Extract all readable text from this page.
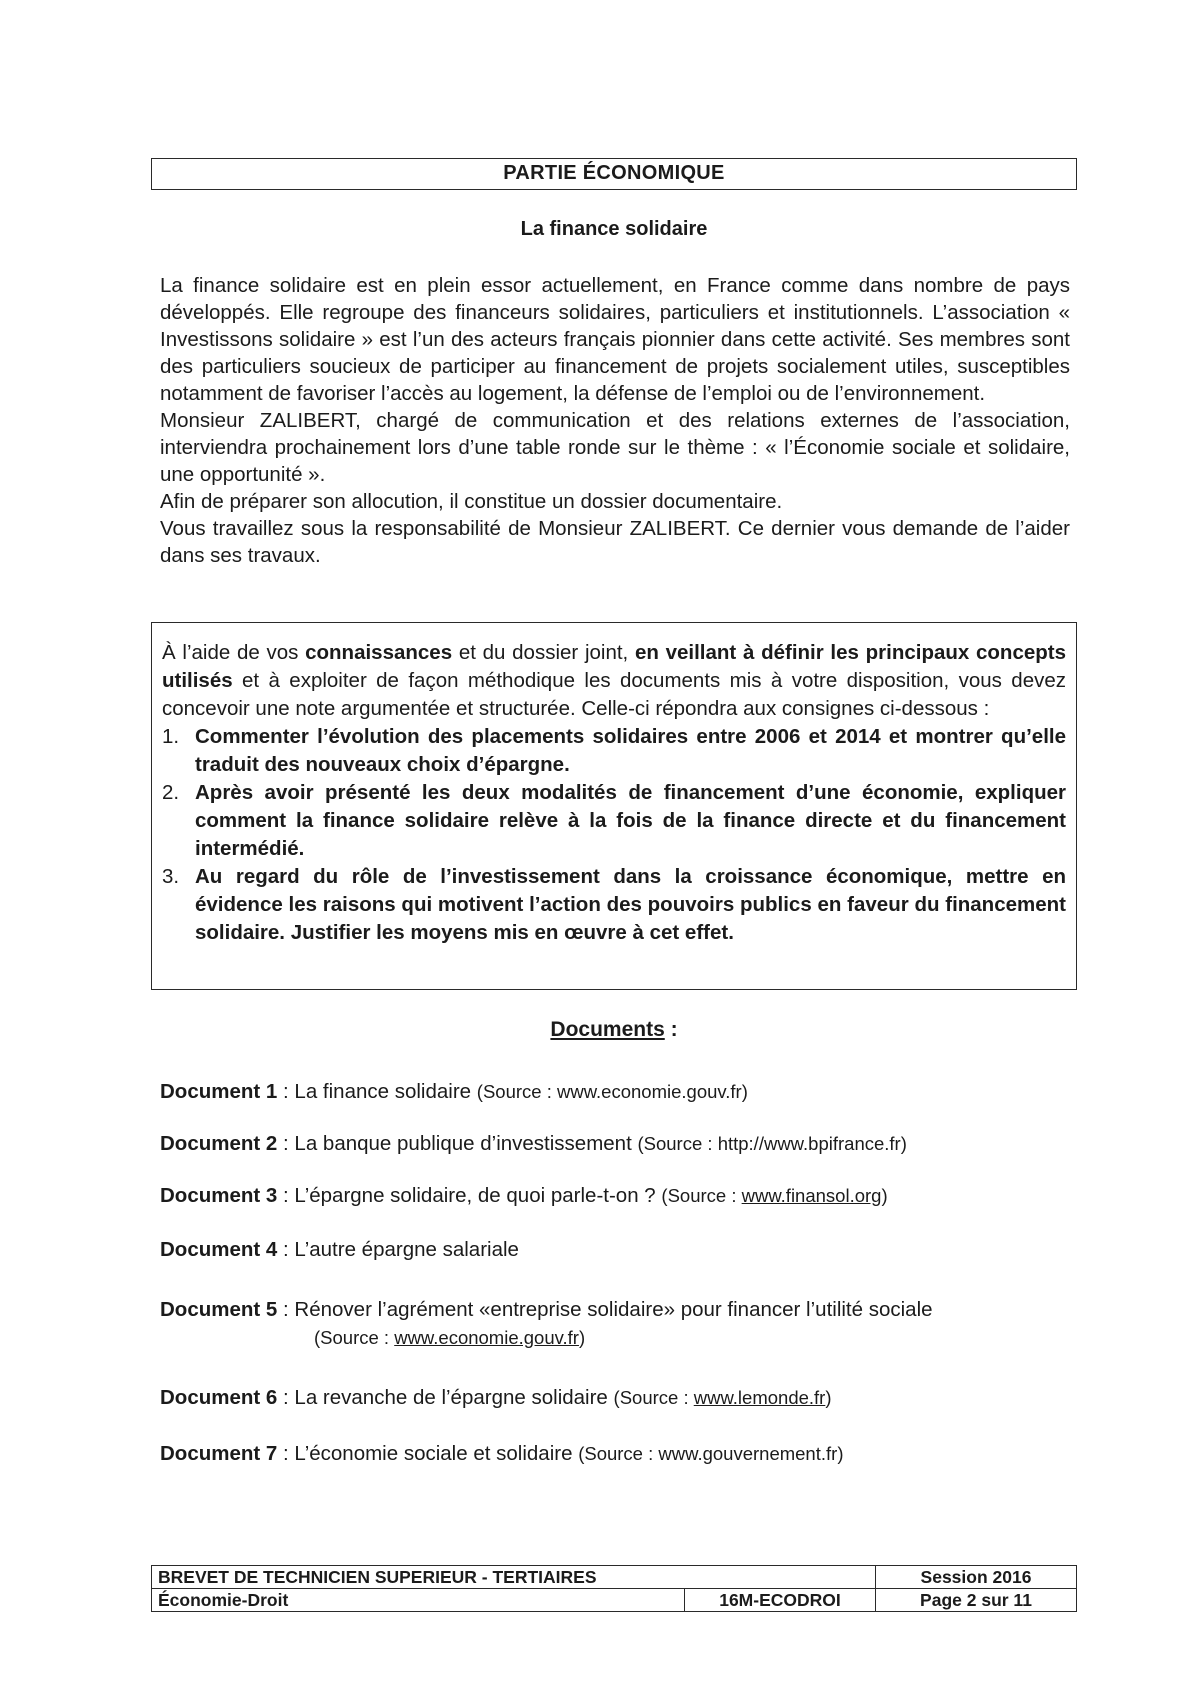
PARTIE ÉCONOMIQUE
La finance solidaire

La finance solidaire est en plein essor actuellement, en France comme dans nombre de pays développés. Elle regroupe des financeurs solidaires, particuliers et institutionnels. L’association « Investissons solidaire » est l’un des acteurs français pionnier dans cette activité. Ses membres sont des particuliers soucieux de participer au financement de projets socialement utiles, susceptibles notamment de favoriser l’accès au logement, la défense de l’emploi ou de l’environnement.

Monsieur ZALIBERT, chargé de communication et des relations externes de l’association, interviendra prochainement lors d’une table ronde sur le thème : « l’Économie sociale et solidaire, une opportunité ».

Afin de préparer son allocution, il constitue un dossier documentaire.

Vous travaillez sous la responsabilité de Monsieur ZALIBERT. Ce dernier vous demande de l’aider dans ses travaux.

À l’aide de vos connaissances et du dossier joint, en veillant à définir les principaux concepts utilisés et à exploiter de façon méthodique les documents mis à votre disposition, vous devez concevoir une note argumentée et structurée. Celle-ci répondra aux consignes ci-dessous :

1. Commenter l’évolution des placements solidaires entre 2006 et 2014 et montrer qu’elle traduit des nouveaux choix d’épargne.
2. Après avoir présenté les deux modalités de financement d’une économie, expliquer comment la finance solidaire relève à la fois de la finance directe et du financement intermédié.
3. Au regard du rôle de l’investissement dans la croissance économique, mettre en évidence les raisons qui motivent l’action des pouvoirs publics en faveur du financement solidaire. Justifier les moyens mis en œuvre à cet effet.
Documents :
Document 1 : La finance solidaire (Source : www.economie.gouv.fr)
Document 2 : La banque publique d’investissement (Source : http://www.bpifrance.fr)
Document 3 : L’épargne solidaire, de quoi parle-t-on ? (Source : www.finansol.org)
Document 4 : L’autre épargne salariale
Document 5 : Rénover l’agrément «entreprise solidaire» pour financer l’utilité sociale
(Source : www.economie.gouv.fr)
Document 6 : La revanche de l’épargne solidaire (Source : www.lemonde.fr)
Document 7 : L’économie sociale et solidaire (Source : www.gouvernement.fr)
BREVET DE TECHNICIEN SUPERIEUR - TERTIAIRES		Session 2016
Économie-Droit	16M-ECODROI	Page 2 sur 11
